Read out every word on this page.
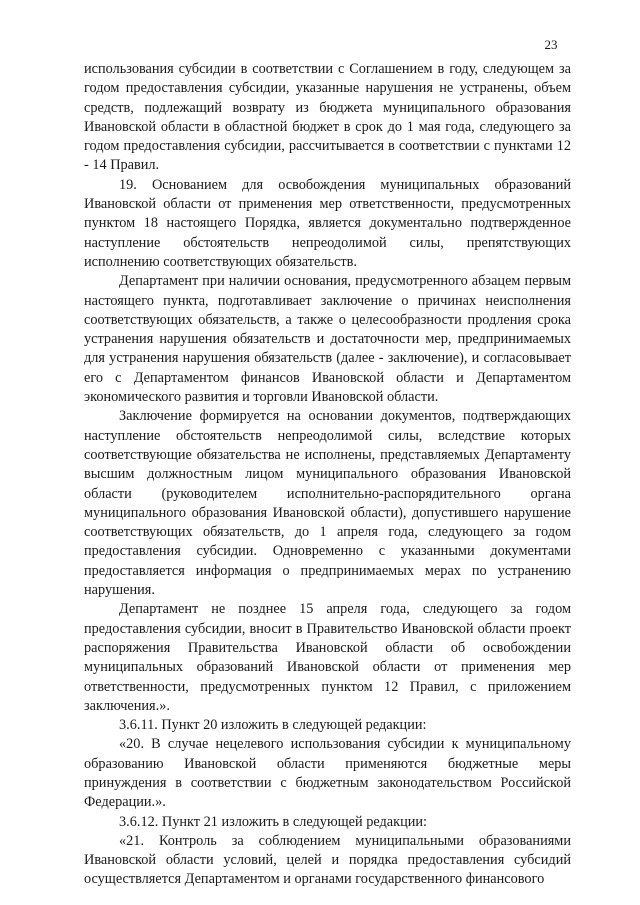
23

использования субсидии в соответствии с Соглашением в году, следующем за годом предоставления субсидии, указанные нарушения не устранены, объем средств, подлежащий возврату из бюджета муниципального образования Ивановской области в областной бюджет в срок до 1 мая года, следующего за годом предоставления субсидии, рассчитывается в соответствии с пунктами 12 - 14 Правил.

19. Основанием для освобождения муниципальных образований Ивановской области от применения мер ответственности, предусмотренных пунктом 18 настоящего Порядка, является документально подтвержденное наступление обстоятельств непреодолимой силы, препятствующих исполнению соответствующих обязательств.

Департамент при наличии основания, предусмотренного абзацем первым настоящего пункта, подготавливает заключение о причинах неисполнения соответствующих обязательств, а также о целесообразности продления срока устранения нарушения обязательств и достаточности мер, предпринимаемых для устранения нарушения обязательств (далее - заключение), и согласовывает его с Департаментом финансов Ивановской области и Департаментом экономического развития и торговли Ивановской области.

Заключение формируется на основании документов, подтверждающих наступление обстоятельств непреодолимой силы, вследствие которых соответствующие обязательства не исполнены, представляемых Департаменту высшим должностным лицом муниципального образования Ивановской области (руководителем исполнительно-распорядительного органа муниципального образования Ивановской области), допустившего нарушение соответствующих обязательств, до 1 апреля года, следующего за годом предоставления субсидии. Одновременно с указанными документами предоставляется информация о предпринимаемых мерах по устранению нарушения.

Департамент не позднее 15 апреля года, следующего за годом предоставления субсидии, вносит в Правительство Ивановской области проект распоряжения Правительства Ивановской области об освобождении муниципальных образований Ивановской области от применения мер ответственности, предусмотренных пунктом 12 Правил, с приложением заключения.».

3.6.11. Пункт 20 изложить в следующей редакции:

«20. В случае нецелевого использования субсидии к муниципальному образованию Ивановской области применяются бюджетные меры принуждения в соответствии с бюджетным законодательством Российской Федерации.».

3.6.12. Пункт 21 изложить в следующей редакции:

«21. Контроль за соблюдением муниципальными образованиями Ивановской области условий, целей и порядка предоставления субсидий осуществляется Департаментом и органами государственного финансового
